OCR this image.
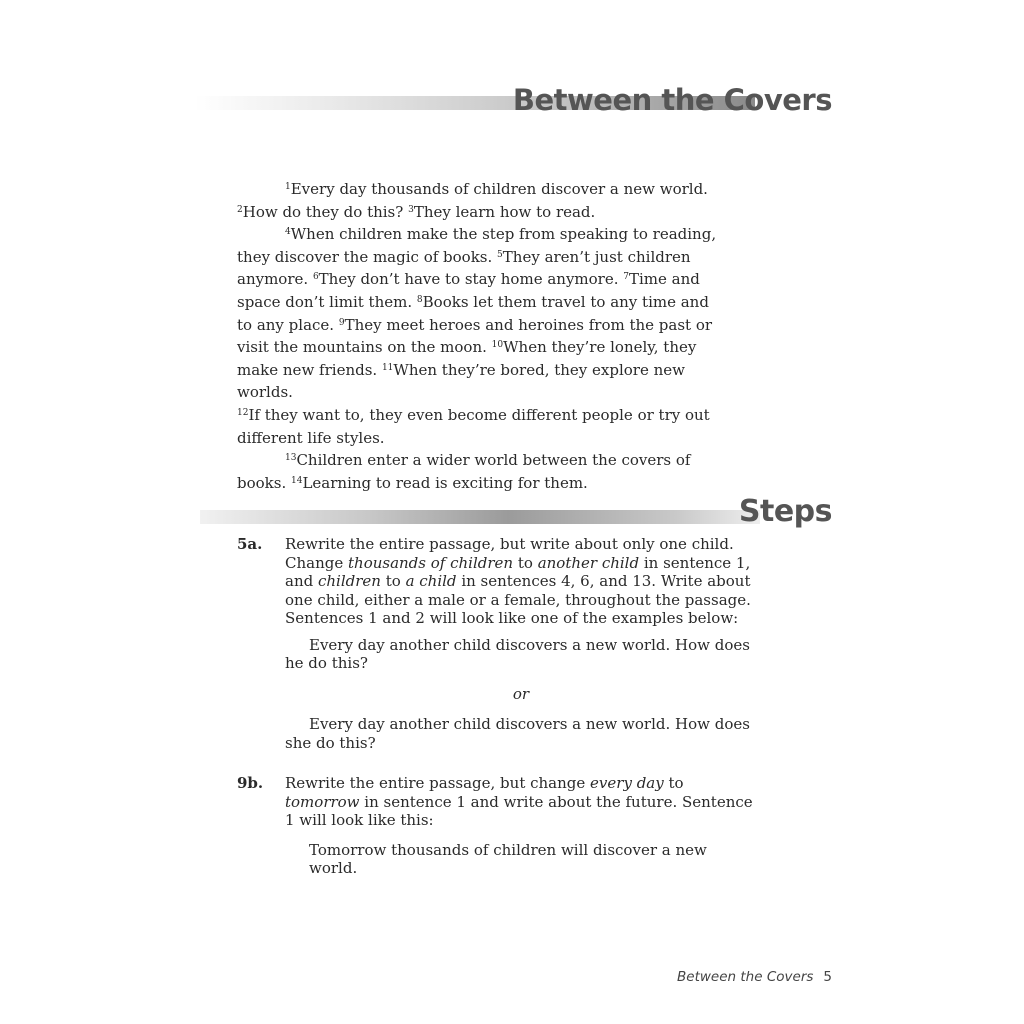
Between the Covers

$^1$Every day thousands of children discover a new world.

$^2$How do they do this? $^3$They learn how to read.

$^4$When children make the step from speaking to reading, they discover the magic of books. $^5$They aren’t just children anymore. $^6$They don’t have to stay home anymore. $^7$Time and space don’t limit them. $^8$Books let them travel to any time and to any place. $^9$They meet heroes and heroines from the past or visit the mountains on the moon. $^{10}$When they’re lonely, they make new friends. $^{11}$When they’re bored, they explore new worlds.

$^{12}$If they want to, they even become different people or try out different life styles.

$^{13}$Children enter a wider world between the covers of books. $^{14}$Learning to read is exciting for them.

Steps
5a.	Rewrite the entire passage, but write about only one child. Change thousands of children to another child in sentence 1, and children to a child in sentences 4, 6, and 13. Write about one child, either a male or a female, throughout the passage. Sentences 1 and 2 will look like one of the examples below:

Every day another child discovers a new world. How does he do this?

or

Every day another child discovers a new world. How does she do this?

9b.	Rewrite the entire passage, but change every day to tomorrow in sentence 1 and write about the future. Sentence 1 will look like this:

Tomorrow thousands of children will discover a new world.

Between the Covers 5
